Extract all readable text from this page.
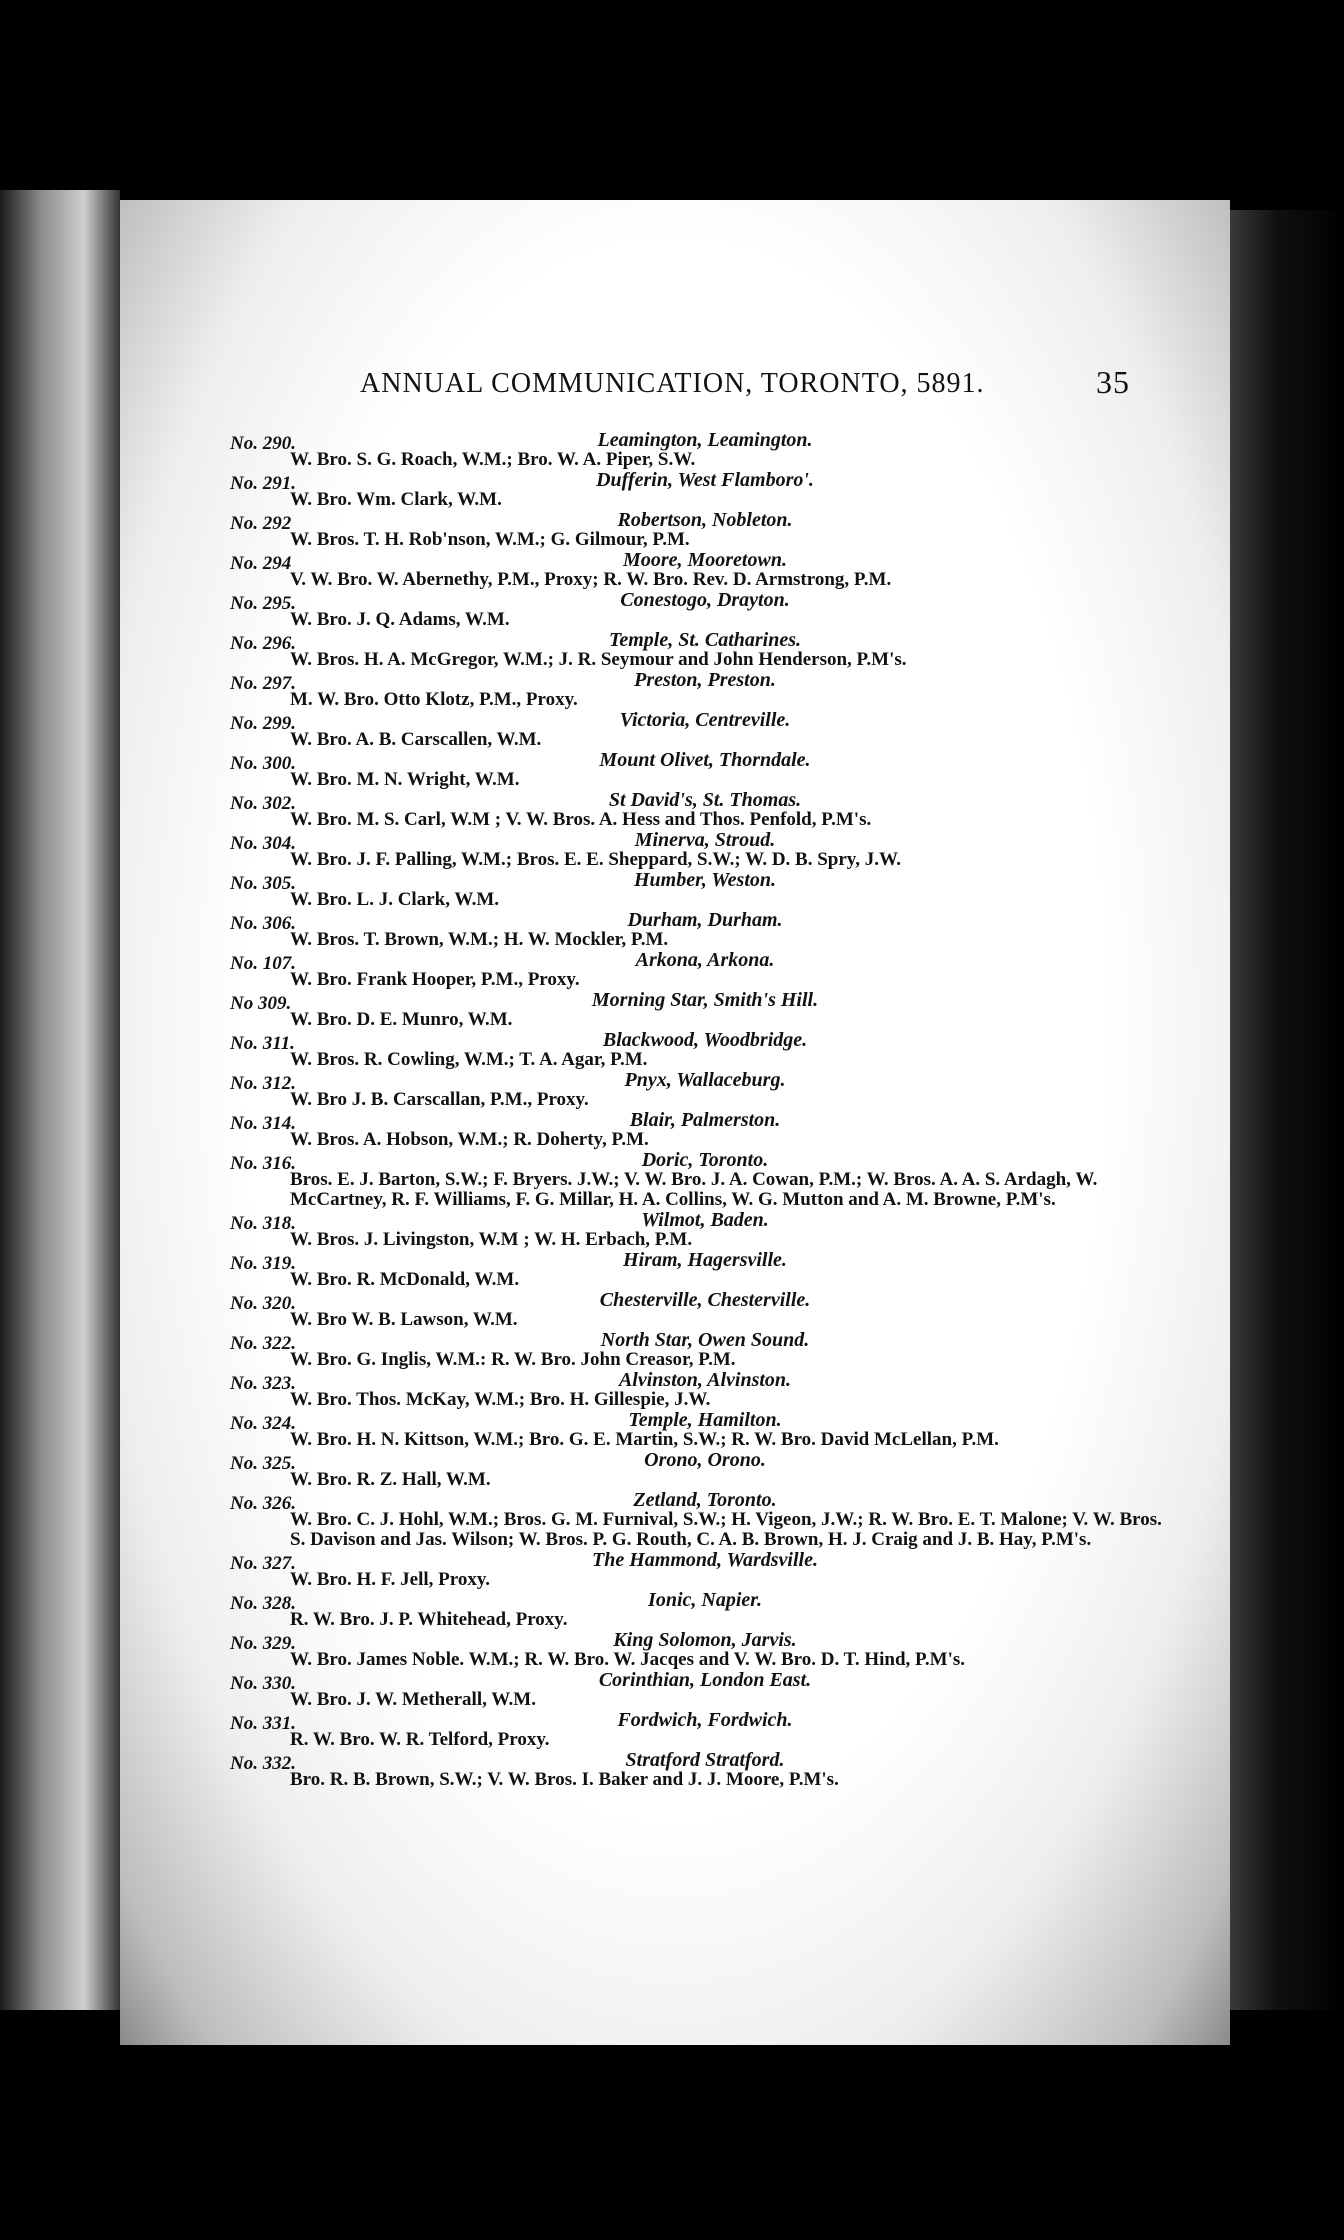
ANNUAL COMMUNICATION, TORONTO, 5891.	35
No. 290.	Leamington, Leamington.

W. Bro. S. G. Roach, W.M.; Bro. W. A. Piper, S.W.

No. 291.	Dufferin, West Flamboro'.

W. Bro. Wm. Clark, W.M.

No. 292	Robertson, Nobleton.

W. Bros. T. H. Rob'nson, W.M.; G. Gilmour, P.M.

No. 294	Moore, Mooretown.

V. W. Bro. W. Abernethy, P.M., Proxy; R. W. Bro. Rev. D. Armstrong, P.M.

No. 295.	Conestogo, Drayton.

W. Bro. J. Q. Adams, W.M.

No. 296.	Temple, St. Catharines.

W. Bros. H. A. McGregor, W.M.; J. R. Seymour and John Henderson, P.M's.

No. 297.	Preston, Preston.

M. W. Bro. Otto Klotz, P.M., Proxy.

No. 299.	Victoria, Centreville.

W. Bro. A. B. Carscallen, W.M.

No. 300.	Mount Olivet, Thorndale.

W. Bro. M. N. Wright, W.M.

No. 302.	St David's, St. Thomas.

W. Bro. M. S. Carl, W.M ; V. W. Bros. A. Hess and Thos. Penfold, P.M's.

No. 304.	Minerva, Stroud.

W. Bro. J. F. Palling, W.M.; Bros. E. E. Sheppard, S.W.; W. D. B. Spry, J.W.

No. 305.	Humber, Weston.

W. Bro. L. J. Clark, W.M.

No. 306.	Durham, Durham.

W. Bros. T. Brown, W.M.; H. W. Mockler, P.M.

No. 107.	Arkona, Arkona.

W. Bro. Frank Hooper, P.M., Proxy.

No 309.	Morning Star, Smith's Hill.

W. Bro. D. E. Munro, W.M.

No. 311.	Blackwood, Woodbridge.

W. Bros. R. Cowling, W.M.; T. A. Agar, P.M.

No. 312.	Pnyx, Wallaceburg.

W. Bro J. B. Carscallan, P.M., Proxy.

No. 314.	Blair, Palmerston.

W. Bros. A. Hobson, W.M.; R. Doherty, P.M.

No. 316.	Doric, Toronto.

Bros. E. J. Barton, S.W.; F. Bryers. J.W.; V. W. Bro. J. A. Cowan, P.M.; W. Bros. A. A. S. Ardagh, W. McCartney, R. F. Williams, F. G. Millar, H. A. Collins, W. G. Mutton and A. M. Browne, P.M's.

No. 318.	Wilmot, Baden.

W. Bros. J. Livingston, W.M ; W. H. Erbach, P.M.

No. 319.	Hiram, Hagersville.

W. Bro. R. McDonald, W.M.

No. 320.	Chesterville, Chesterville.

W. Bro W. B. Lawson, W.M.

No. 322.	North Star, Owen Sound.

W. Bro. G. Inglis, W.M.: R. W. Bro. John Creasor, P.M.

No. 323.	Alvinston, Alvinston.

W. Bro. Thos. McKay, W.M.; Bro. H. Gillespie, J.W.

No. 324.	Temple, Hamilton.

W. Bro. H. N. Kittson, W.M.; Bro. G. E. Martin, S.W.; R. W. Bro. David McLellan, P.M.

No. 325.	Orono, Orono.

W. Bro. R. Z. Hall, W.M.

No. 326.	Zetland, Toronto.

W. Bro. C. J. Hohl, W.M.; Bros. G. M. Furnival, S.W.; H. Vigeon, J.W.; R. W. Bro. E. T. Malone; V. W. Bros. S. Davison and Jas. Wilson; W. Bros. P. G. Routh, C. A. B. Brown, H. J. Craig and J. B. Hay, P.M's.

No. 327.	The Hammond, Wardsville.

W. Bro. H. F. Jell, Proxy.

No. 328.	Ionic, Napier.

R. W. Bro. J. P. Whitehead, Proxy.

No. 329.	King Solomon, Jarvis.

W. Bro. James Noble. W.M.; R. W. Bro. W. Jacqes and V. W. Bro. D. T. Hind, P.M's.

No. 330.	Corinthian, London East.

W. Bro. J. W. Metherall, W.M.

No. 331.	Fordwich, Fordwich.

R. W. Bro. W. R. Telford, Proxy.

No. 332.	Stratford Stratford.

Bro. R. B. Brown, S.W.; V. W. Bros. I. Baker and J. J. Moore, P.M's.
